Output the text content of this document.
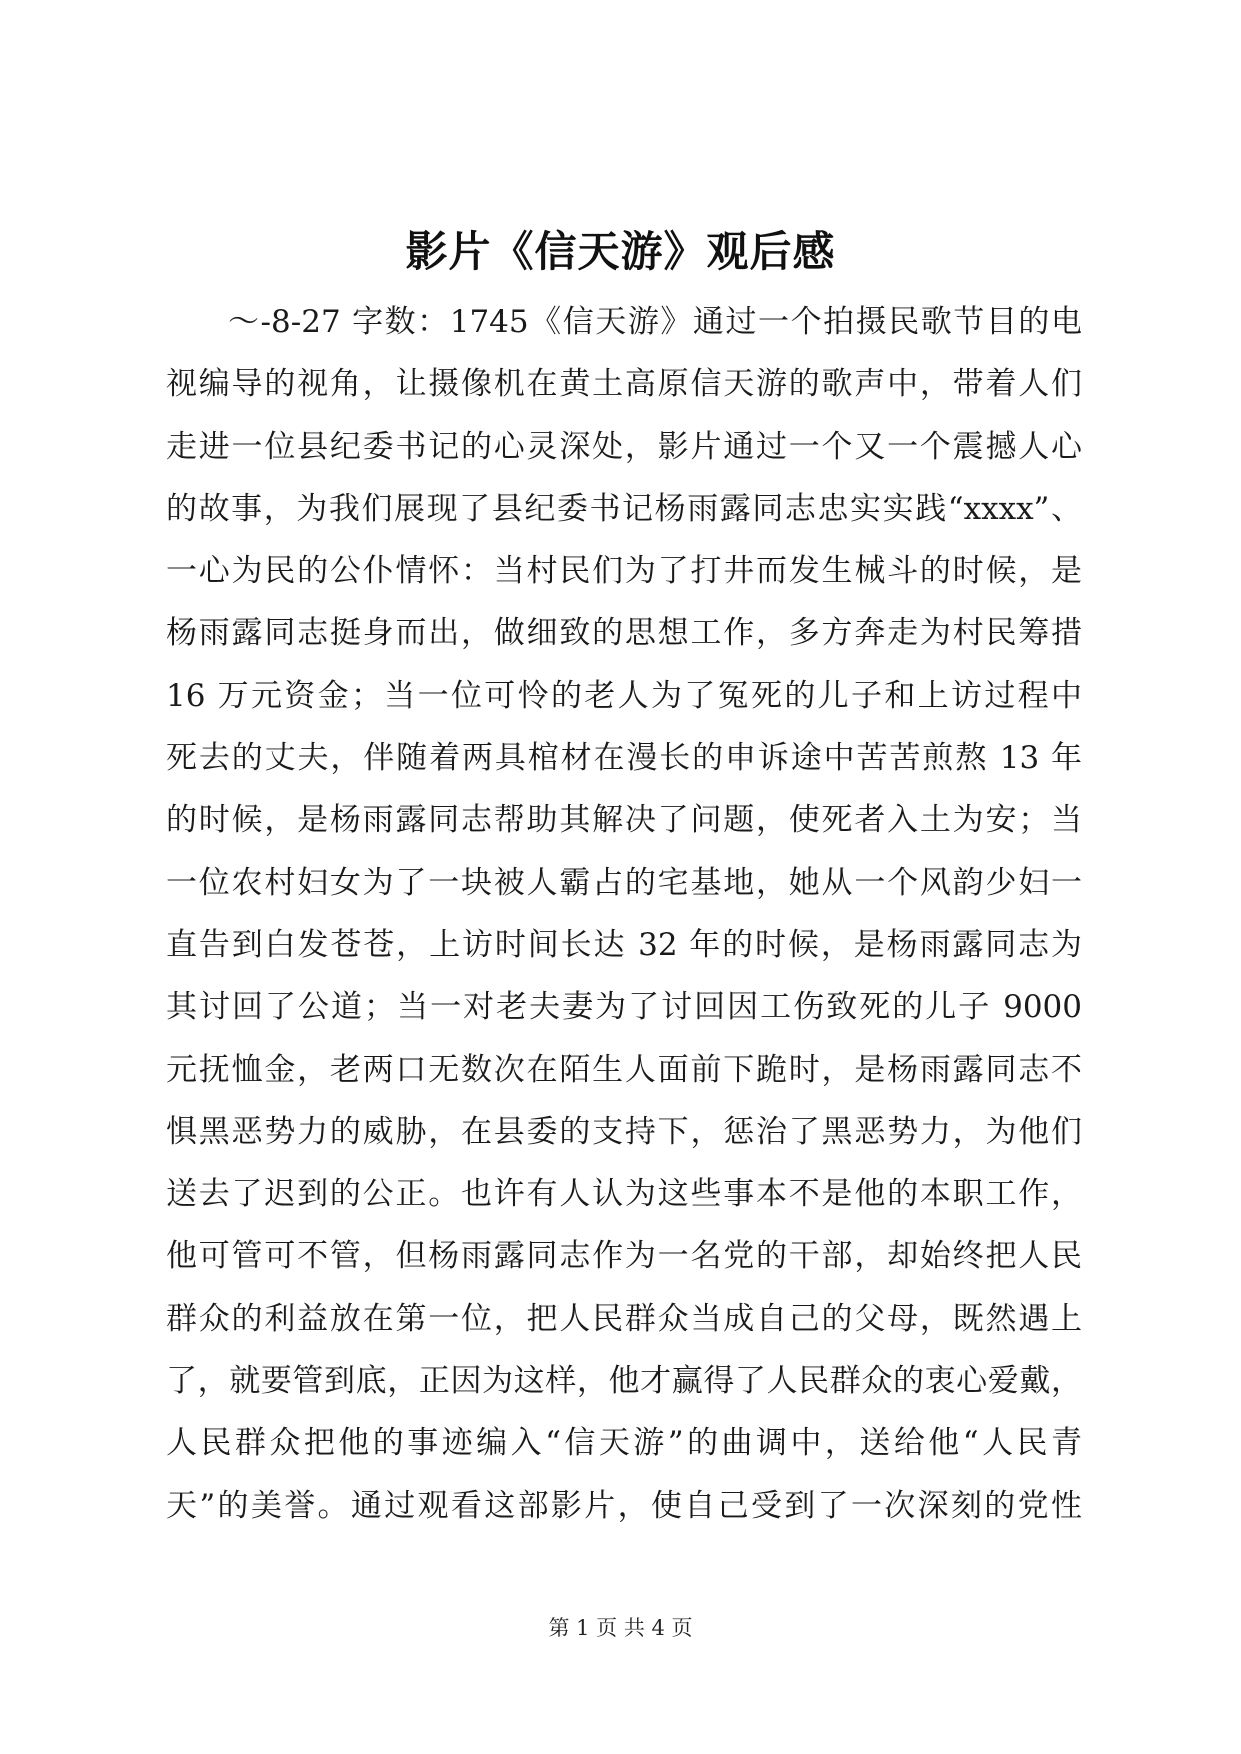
影片《信天游》观后感
～-8-27 字数：1745《信天游》通过一个拍摄民歌节目的电
视编导的视角，让摄像机在黄土高原信天游的歌声中，带着人们
走进一位县纪委书记的心灵深处，影片通过一个又一个震撼人心
的故事，为我们展现了县纪委书记杨雨露同志忠实实践“xxxx”、
一心为民的公仆情怀：当村民们为了打井而发生械斗的时候，是
杨雨露同志挺身而出，做细致的思想工作，多方奔走为村民筹措
16 万元资金；当一位可怜的老人为了冤死的儿子和上访过程中
死去的丈夫，伴随着两具棺材在漫长的申诉途中苦苦煎熬 13 年
的时候，是杨雨露同志帮助其解决了问题，使死者入土为安；当
一位农村妇女为了一块被人霸占的宅基地，她从一个风韵少妇一
直告到白发苍苍，上访时间长达 32 年的时候，是杨雨露同志为
其讨回了公道；当一对老夫妻为了讨回因工伤致死的儿子 9000
元抚恤金，老两口无数次在陌生人面前下跪时，是杨雨露同志不
惧黑恶势力的威胁，在县委的支持下，惩治了黑恶势力，为他们
送去了迟到的公正。也许有人认为这些事本不是他的本职工作，
他可管可不管，但杨雨露同志作为一名党的干部，却始终把人民
群众的利益放在第一位，把人民群众当成自己的父母，既然遇上
了，就要管到底，正因为这样，他才赢得了人民群众的衷心爱戴，
人民群众把他的事迹编入“信天游”的曲调中，送给他“人民青
天”的美誉。通过观看这部影片，使自己受到了一次深刻的党性
第 1 页 共 4 页
